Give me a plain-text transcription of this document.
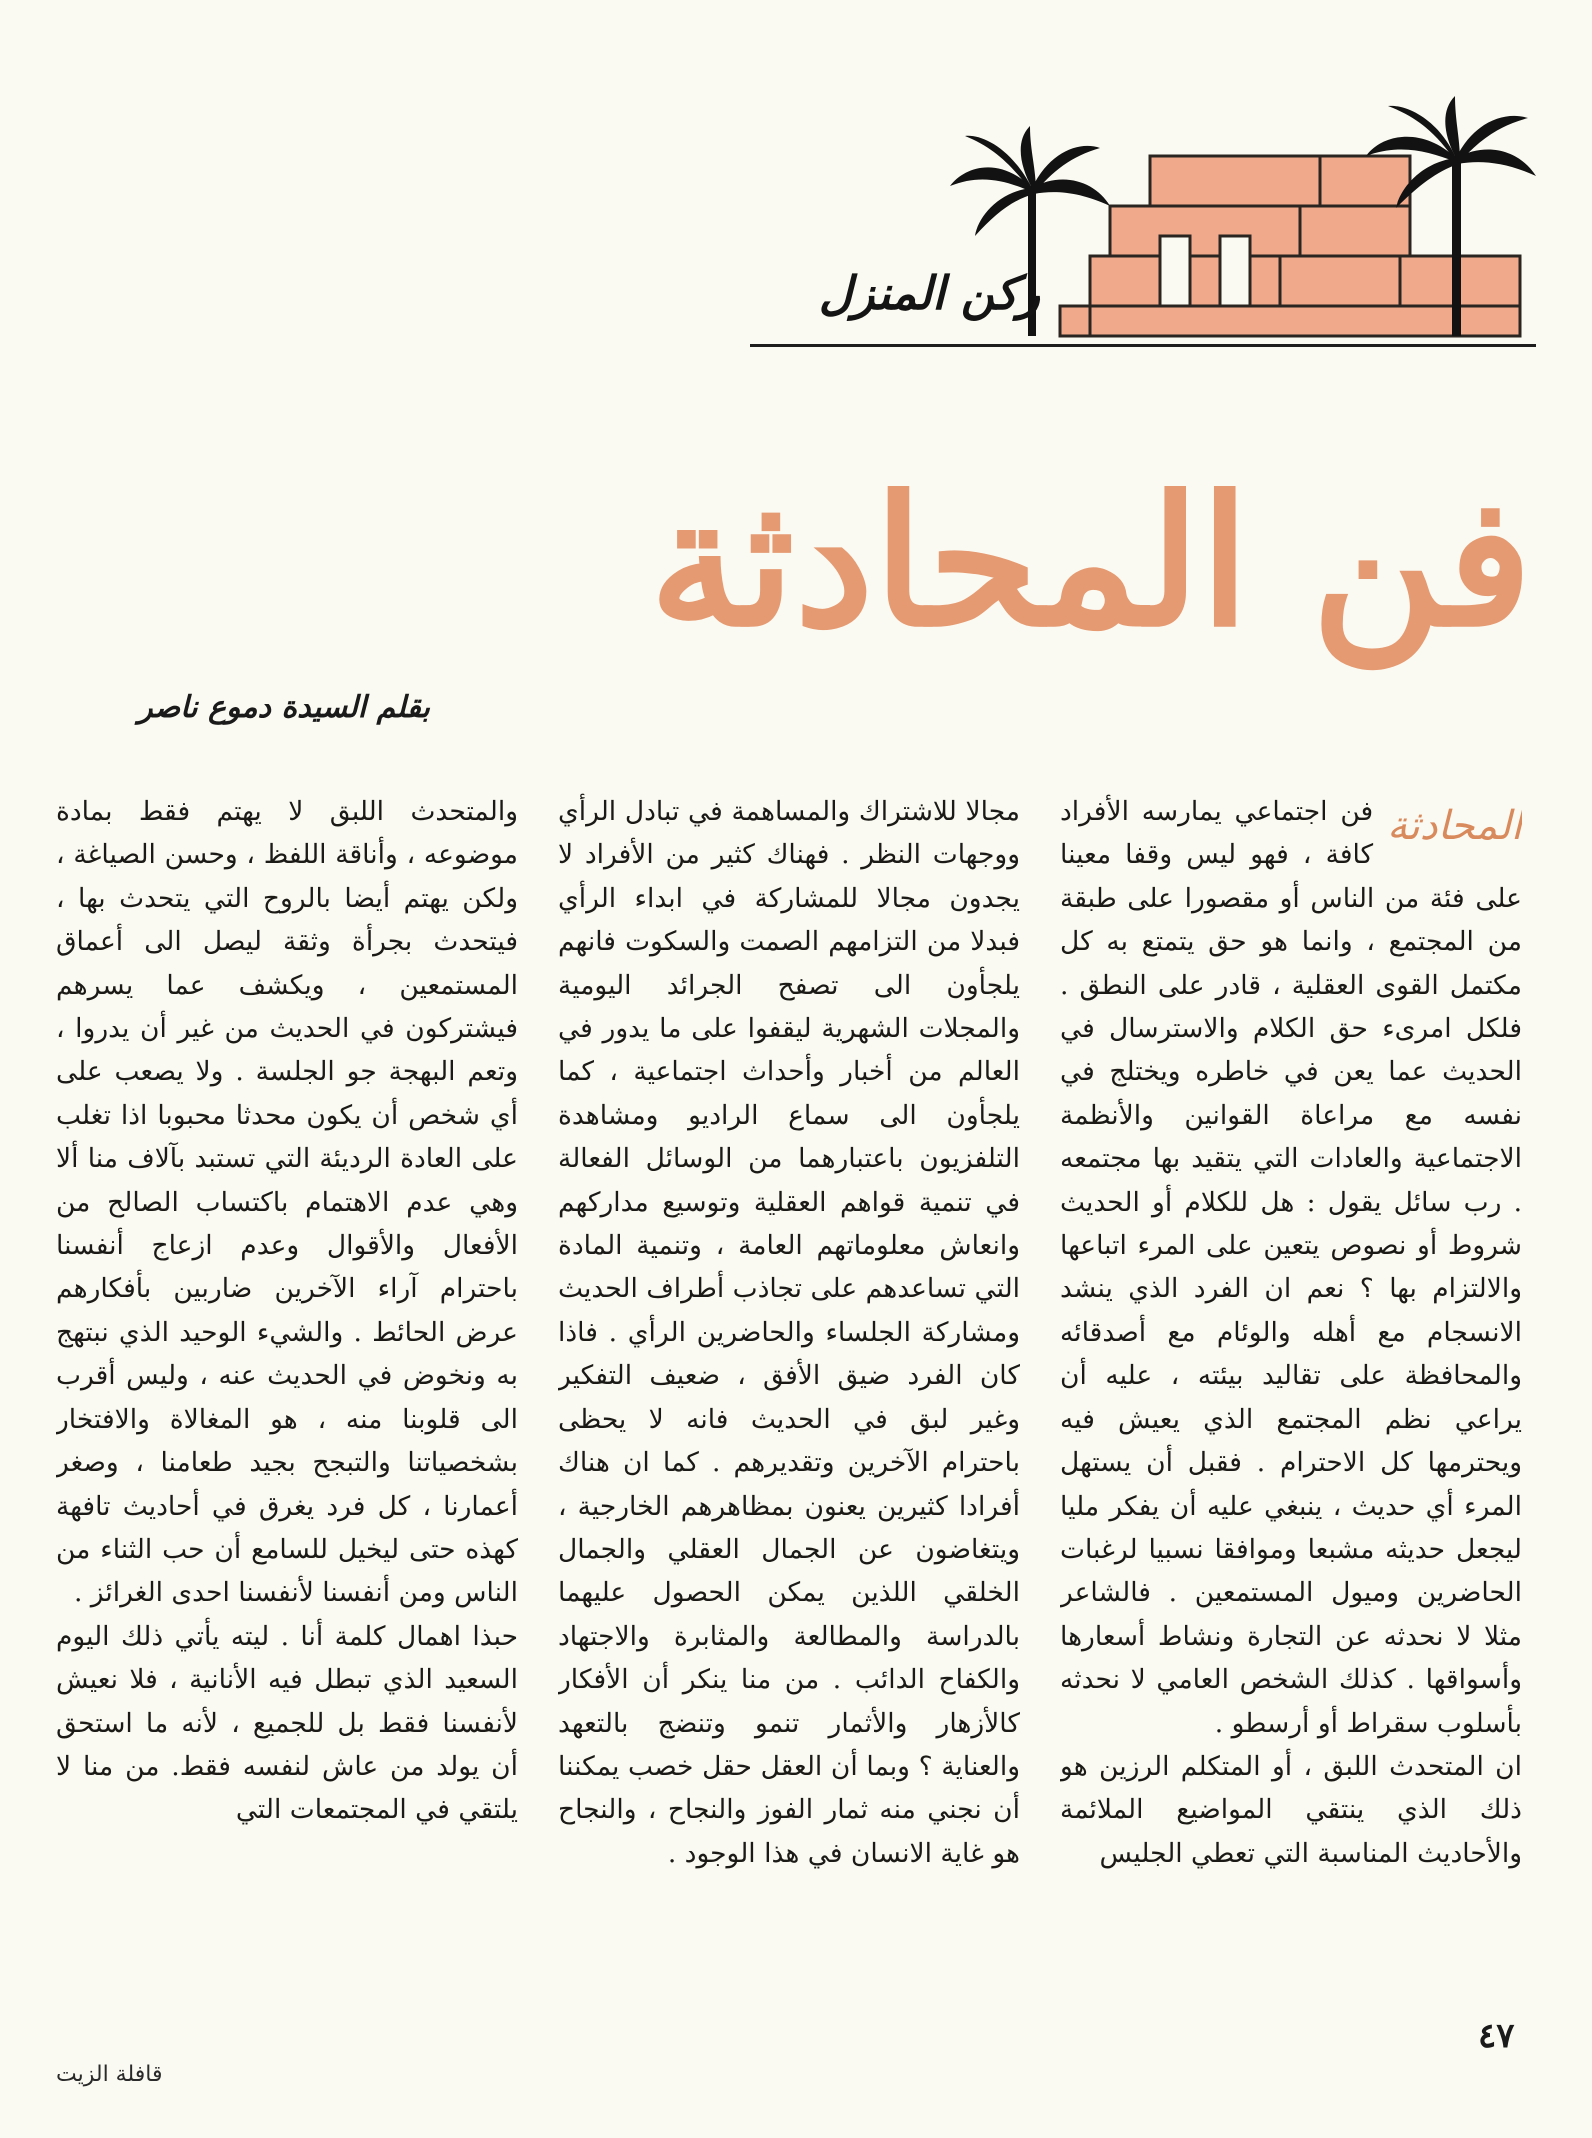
ركن المنزل
فن المحادثة
بقلم السيدة دموع ناصر
المحادثة

فن اجتماعي يمارسه الأفراد كافة ، فهو ليس وقفا معينا على فئة من الناس أو مقصورا على طبقة من المجتمع ، وانما هو حق يتمتع به كل مكتمل القوى العقلية ، قادر على النطق . فلكل امرىء حق الكلام والاسترسال في الحديث عما يعن في خاطره ويختلج في نفسه مع مراعاة القوانين والأنظمة الاجتماعية والعادات التي يتقيد بها مجتمعه . رب سائل يقول : هل للكلام أو الحديث شروط أو نصوص يتعين على المرء اتباعها والالتزام بها ؟ نعم ان الفرد الذي ينشد الانسجام مع أهله والوئام مع أصدقائه والمحافظة على تقاليد بيئته ، عليه أن يراعي نظم المجتمع الذي يعيش فيه ويحترمها كل الاحترام . فقبل أن يستهل المرء أي حديث ، ينبغي عليه أن يفكر مليا ليجعل حديثه مشبعا وموافقا نسبيا لرغبات الحاضرين وميول المستمعين . فالشاعر مثلا لا نحدثه عن التجارة ونشاط أسعارها وأسواقها . كذلك الشخص العامي لا نحدثه بأسلوب سقراط أو أرسطو .

ان المتحدث اللبق ، أو المتكلم الرزين هو ذلك الذي ينتقي المواضيع الملائمة والأحاديث المناسبة التي تعطي الجليس

مجالا للاشتراك والمساهمة في تبادل الرأي ووجهات النظر . فهناك كثير من الأفراد لا يجدون مجالا للمشاركة في ابداء الرأي فبدلا من التزامهم الصمت والسكوت فانهم يلجأون الى تصفح الجرائد اليومية والمجلات الشهرية ليقفوا على ما يدور في العالم من أخبار وأحداث اجتماعية ، كما يلجأون الى سماع الراديو ومشاهدة التلفزيون باعتبارهما من الوسائل الفعالة في تنمية قواهم العقلية وتوسيع مداركهم وانعاش معلوماتهم العامة ، وتنمية المادة التي تساعدهم على تجاذب أطراف الحديث ومشاركة الجلساء والحاضرين الرأي . فاذا كان الفرد ضيق الأفق ، ضعيف التفكير وغير لبق في الحديث فانه لا يحظى باحترام الآخرين وتقديرهم . كما ان هناك أفرادا كثيرين يعنون بمظاهرهم الخارجية ، ويتغاضون عن الجمال العقلي والجمال الخلقي اللذين يمكن الحصول عليهما بالدراسة والمطالعة والمثابرة والاجتهاد والكفاح الدائب . من منا ينكر أن الأفكار كالأزهار والأثمار تنمو وتنضج بالتعهد والعناية ؟ وبما أن العقل حقل خصب يمكننا أن نجني منه ثمار الفوز والنجاح ، والنجاح هو غاية الانسان في هذا الوجود .

والمتحدث اللبق لا يهتم فقط بمادة موضوعه ، وأناقة اللفظ ، وحسن الصياغة ، ولكن يهتم أيضا بالروح التي يتحدث بها ، فيتحدث بجرأة وثقة ليصل الى أعماق المستمعين ، ويكشف عما يسرهم فيشتركون في الحديث من غير أن يدروا ، وتعم البهجة جو الجلسة . ولا يصعب على أي شخص أن يكون محدثا محبوبا اذا تغلب على العادة الرديئة التي تستبد بآلاف منا ألا وهي عدم الاهتمام باكتساب الصالح من الأفعال والأقوال وعدم ازعاج أنفسنا باحترام آراء الآخرين ضاربين بأفكارهم عرض الحائط . والشيء الوحيد الذي نبتهج به ونخوض في الحديث عنه ، وليس أقرب الى قلوبنا منه ، هو المغالاة والافتخار بشخصياتنا والتبجح بجيد طعامنا ، وصغر أعمارنا ، كل فرد يغرق في أحاديث تافهة كهذه حتى ليخيل للسامع أن حب الثناء من الناس ومن أنفسنا لأنفسنا احدى الغرائز .

حبذا اهمال كلمة أنا . ليته يأتي ذلك اليوم السعيد الذي تبطل فيه الأنانية ، فلا نعيش لأنفسنا فقط بل للجميع ، لأنه ما استحق أن يولد من عاش لنفسه فقط. من منا لا يلتقي في المجتمعات التي

٤٧
قافلة الزيت
